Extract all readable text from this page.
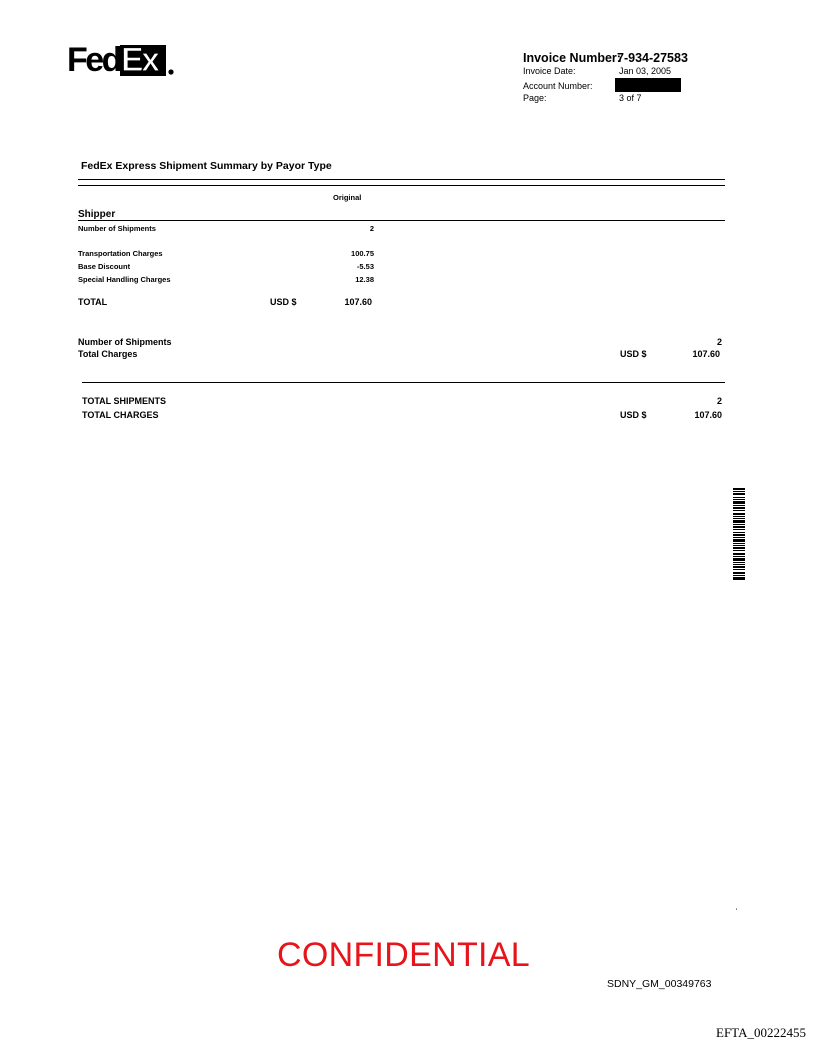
Fed Ex	Invoice Number:
7-934-27583
Invoice Date:	Jan 03, 2005
Account Number:
Page:	3 of 7
FedEx Express Shipment Summary by Payor Type
Original
Shipper
Number of Shipments	2
Transportation Charges	100.75
Base Discount	-5.53
Special Handling Charges	12.38
TOTAL	USD $	107.60
Number of Shipments	2
Total Charges	USD $	107.60
TOTAL SHIPMENTS	2
TOTAL CHARGES	USD $	107.60
ˌ
CONFIDENTIAL
SDNY_GM_00349763
EFTA_00222455
